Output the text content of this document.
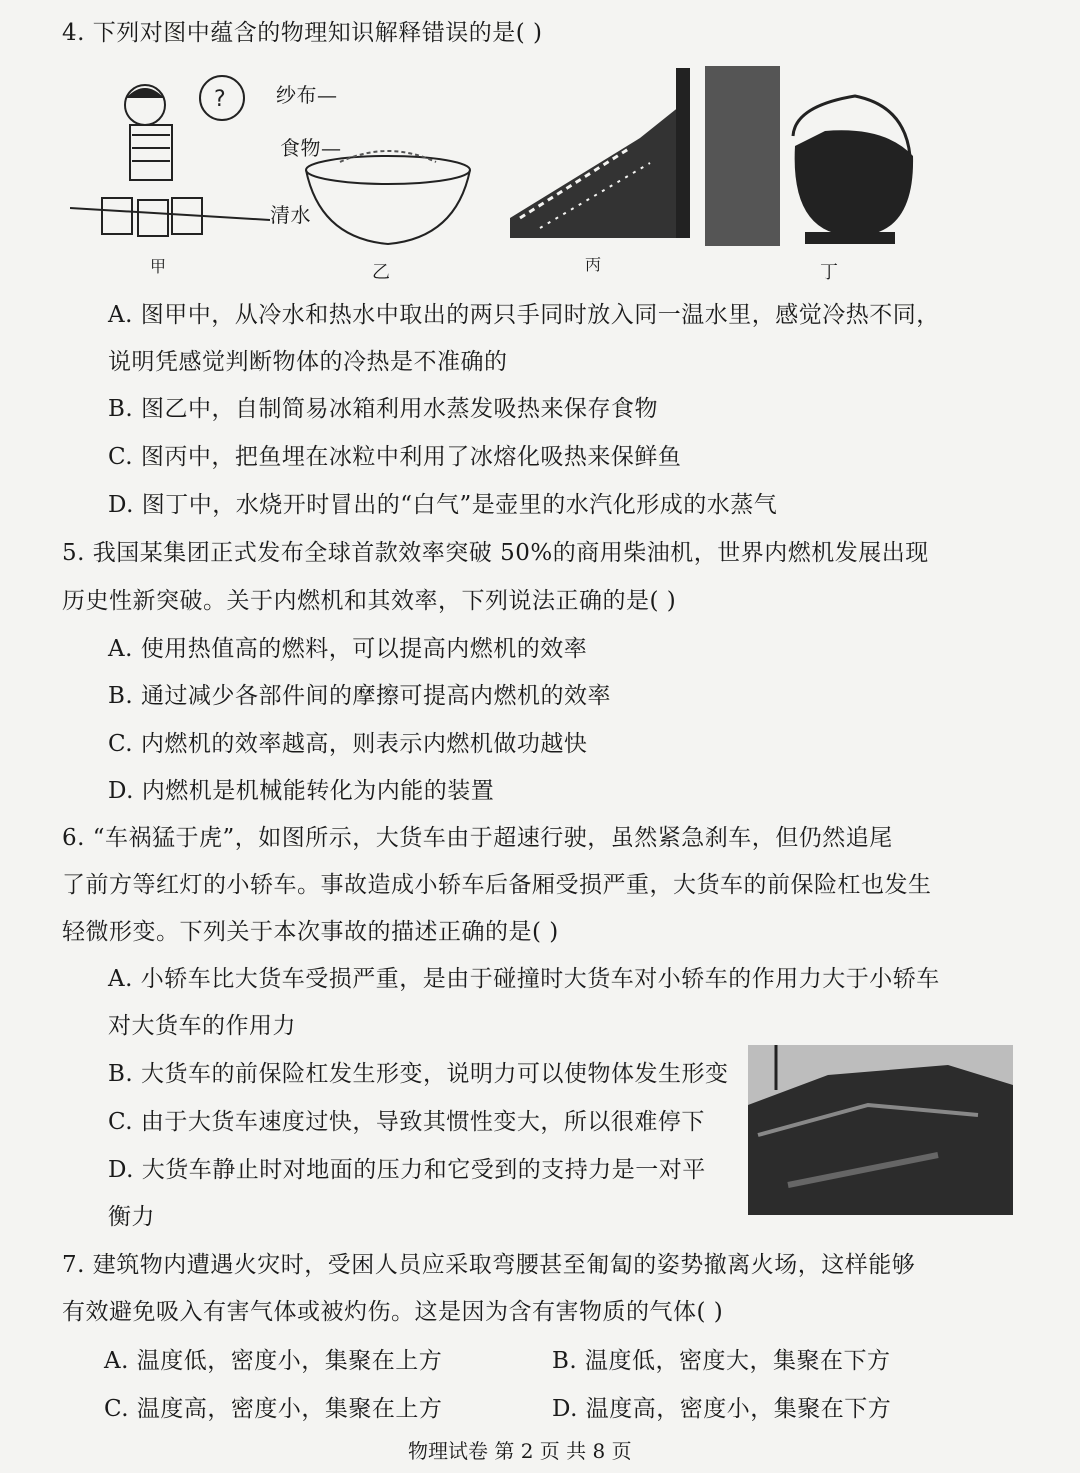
4. 下列对图中蕴含的物理知识解释错误的是( )
?
甲
纱布—
食物—
清水
乙	丙	丁
A. 图甲中，从冷水和热水中取出的两只手同时放入同一温水里，感觉冷热不同，
说明凭感觉判断物体的冷热是不准确的
B. 图乙中，自制简易冰箱利用水蒸发吸热来保存食物
C. 图丙中，把鱼埋在冰粒中利用了冰熔化吸热来保鲜鱼
D. 图丁中，水烧开时冒出的“白气”是壶里的水汽化形成的水蒸气
5. 我国某集团正式发布全球首款效率突破 50%的商用柴油机，世界内燃机发展出现
历史性新突破。关于内燃机和其效率，下列说法正确的是( )
A. 使用热值高的燃料，可以提高内燃机的效率
B. 通过减少各部件间的摩擦可提高内燃机的效率
C. 内燃机的效率越高，则表示内燃机做功越快
D. 内燃机是机械能转化为内能的装置
6. “车祸猛于虎”，如图所示，大货车由于超速行驶，虽然紧急刹车，但仍然追尾
了前方等红灯的小轿车。事故造成小轿车后备厢受损严重，大货车的前保险杠也发生
轻微形变。下列关于本次事故的描述正确的是( )
A. 小轿车比大货车受损严重，是由于碰撞时大货车对小轿车的作用力大于小轿车
对大货车的作用力
B. 大货车的前保险杠发生形变，说明力可以使物体发生形变
C. 由于大货车速度过快，导致其惯性变大，所以很难停下
D. 大货车静止时对地面的压力和它受到的支持力是一对平
衡力
7. 建筑物内遭遇火灾时，受困人员应采取弯腰甚至匍匐的姿势撤离火场，这样能够
有效避免吸入有害气体或被灼伤。这是因为含有害物质的气体( )
A. 温度低，密度小，集聚在上方	B. 温度低，密度大，集聚在下方
C. 温度高，密度小，集聚在上方	D. 温度高，密度小，集聚在下方
物理试卷 第 2 页 共 8 页
